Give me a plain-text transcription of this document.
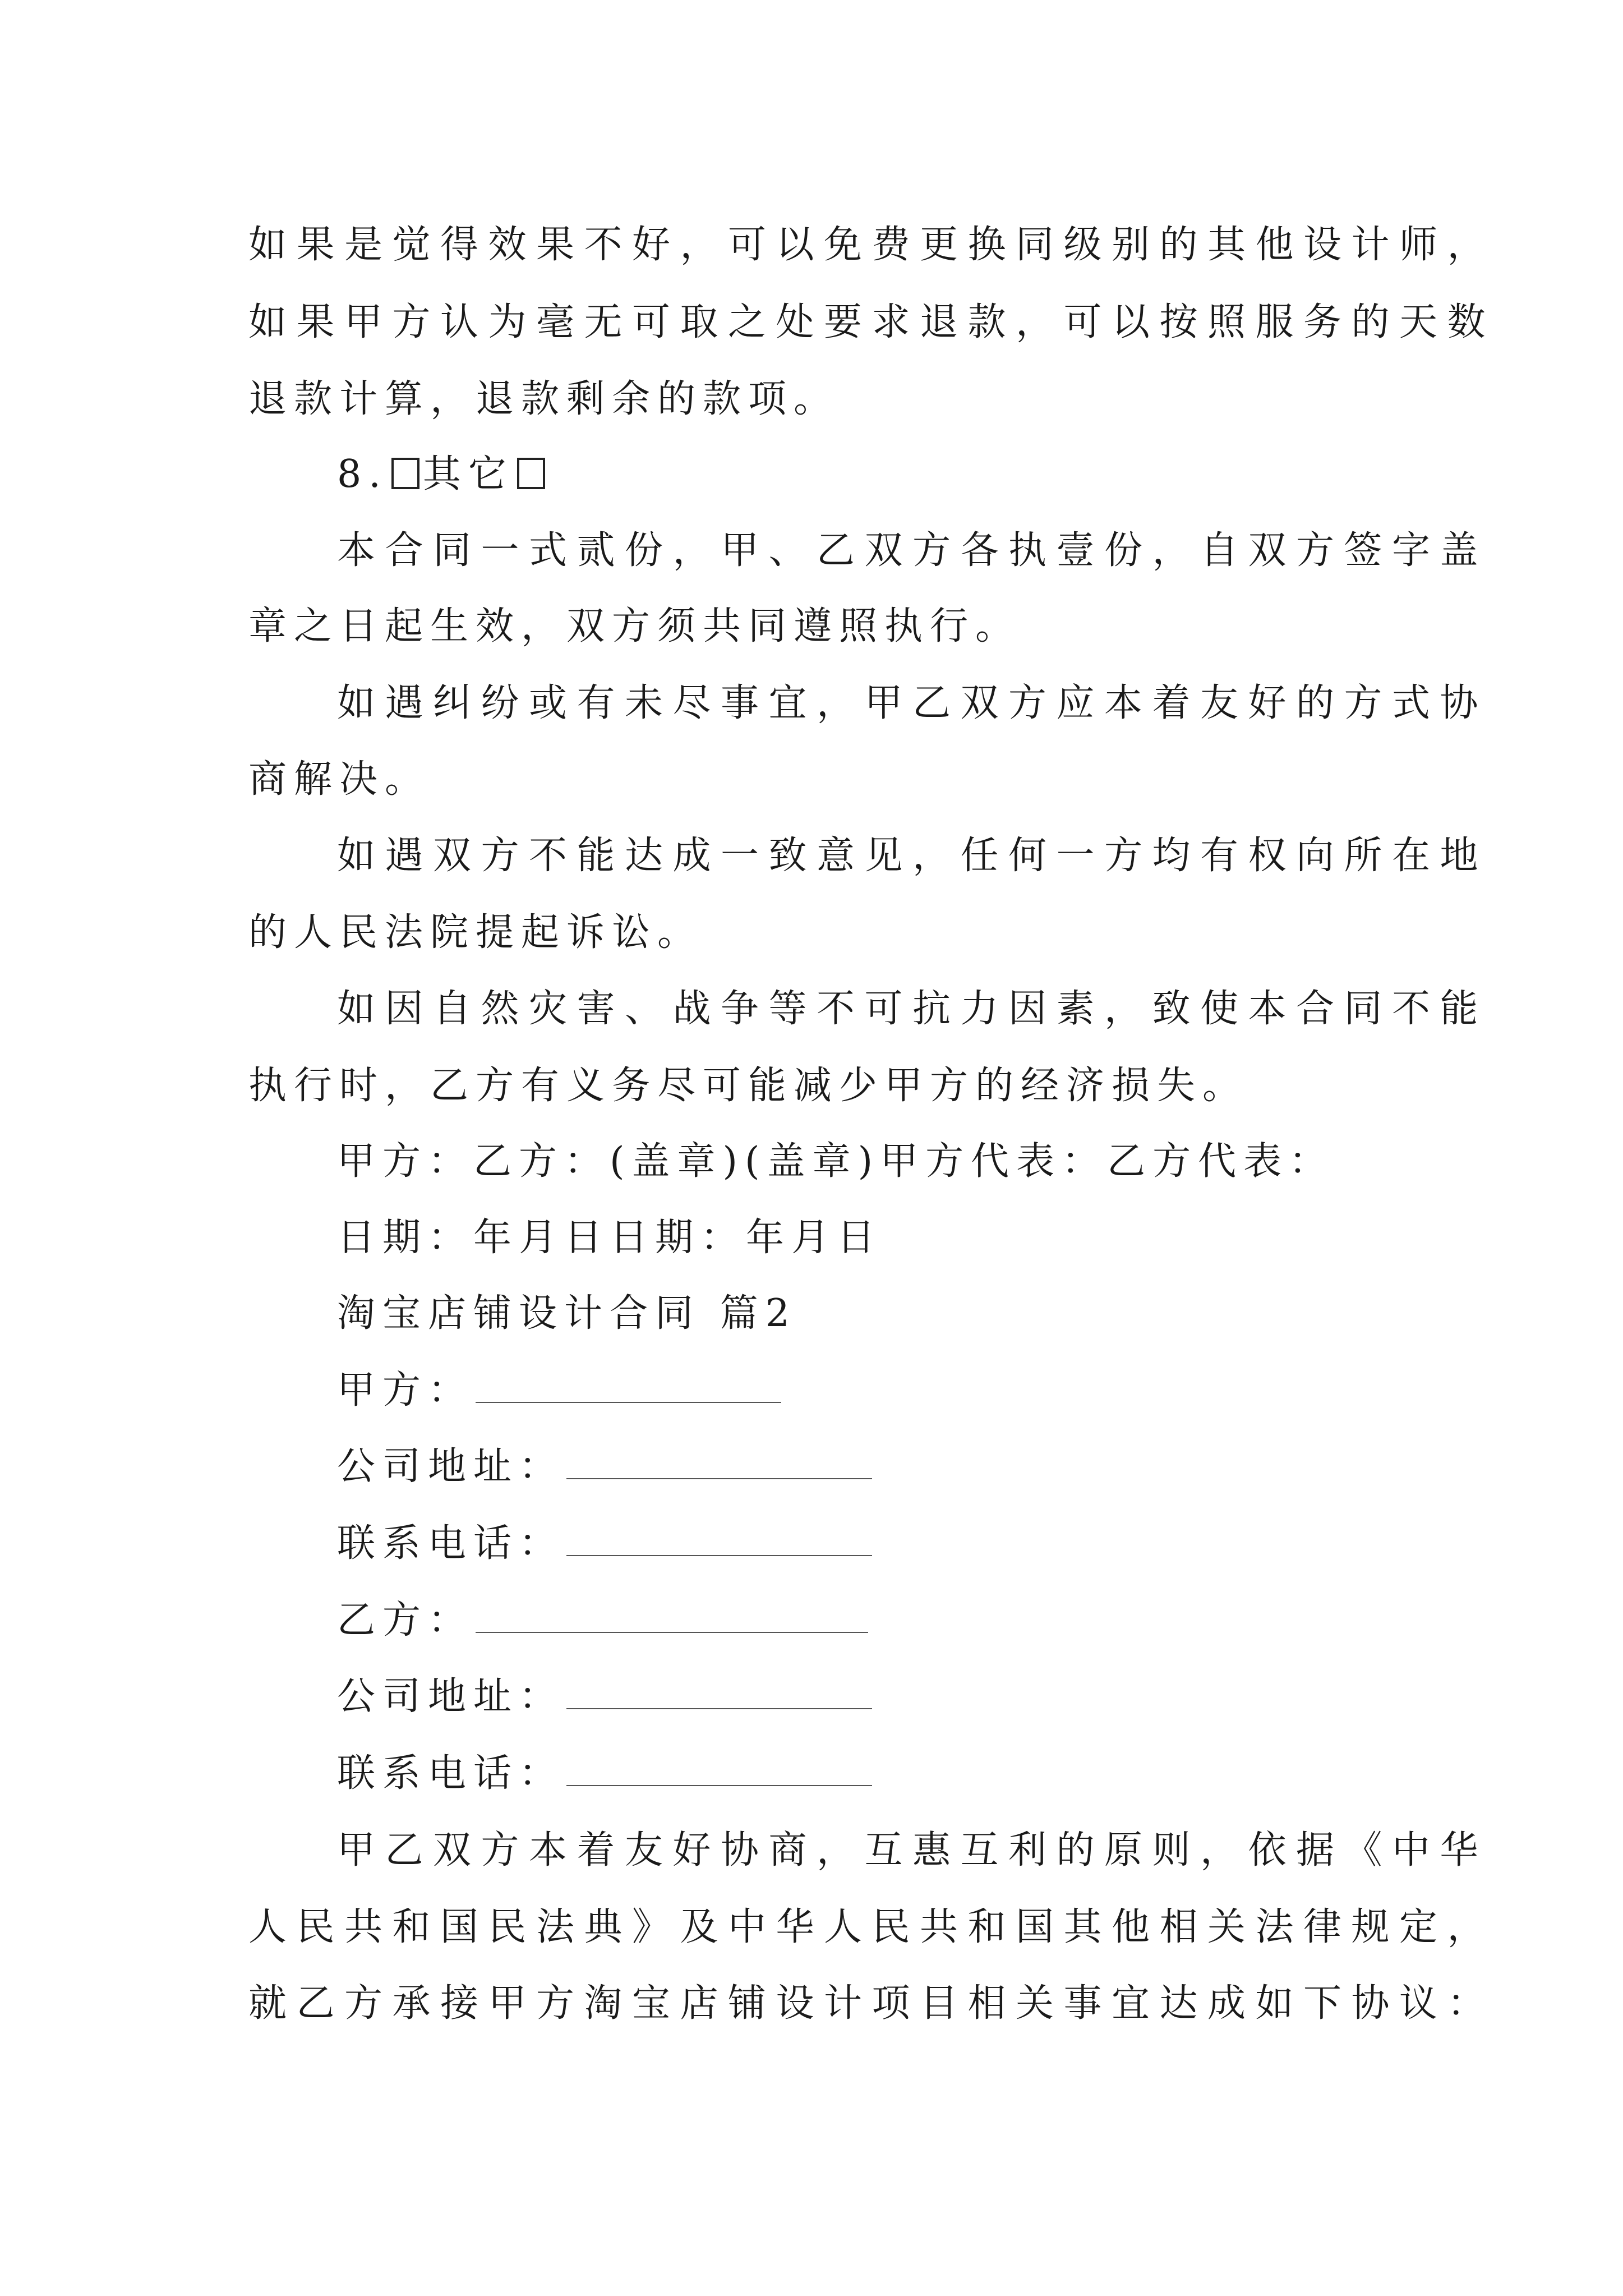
如果是觉得效果不好，可以免费更换同级别的其他设计师，
如果甲方认为毫无可取之处要求退款，可以按照服务的天数
退款计算，退款剩余的款项。
8. 其它
本合同一式贰份，甲、乙双方各执壹份，自双方签字盖
章之日起生效，双方须共同遵照执行。
如遇纠纷或有未尽事宜，甲乙双方应本着友好的方式协
商解决。
如遇双方不能达成一致意见，任何一方均有权向所在地
的人民法院提起诉讼。
如因自然灾害、战争等不可抗力因素，致使本合同不能
执行时，乙方有义务尽可能减少甲方的经济损失。
甲方：乙方：(盖章)(盖章)甲方代表：乙方代表：
日期：年月日日期：年月日
淘宝店铺设计合同 篇2
甲方：
公司地址：
联系电话：
乙方：
公司地址：
联系电话：
甲乙双方本着友好协商，互惠互利的原则，依据《中华
人民共和国民法典》及中华人民共和国其他相关法律规定，
就乙方承接甲方淘宝店铺设计项目相关事宜达成如下协议：
